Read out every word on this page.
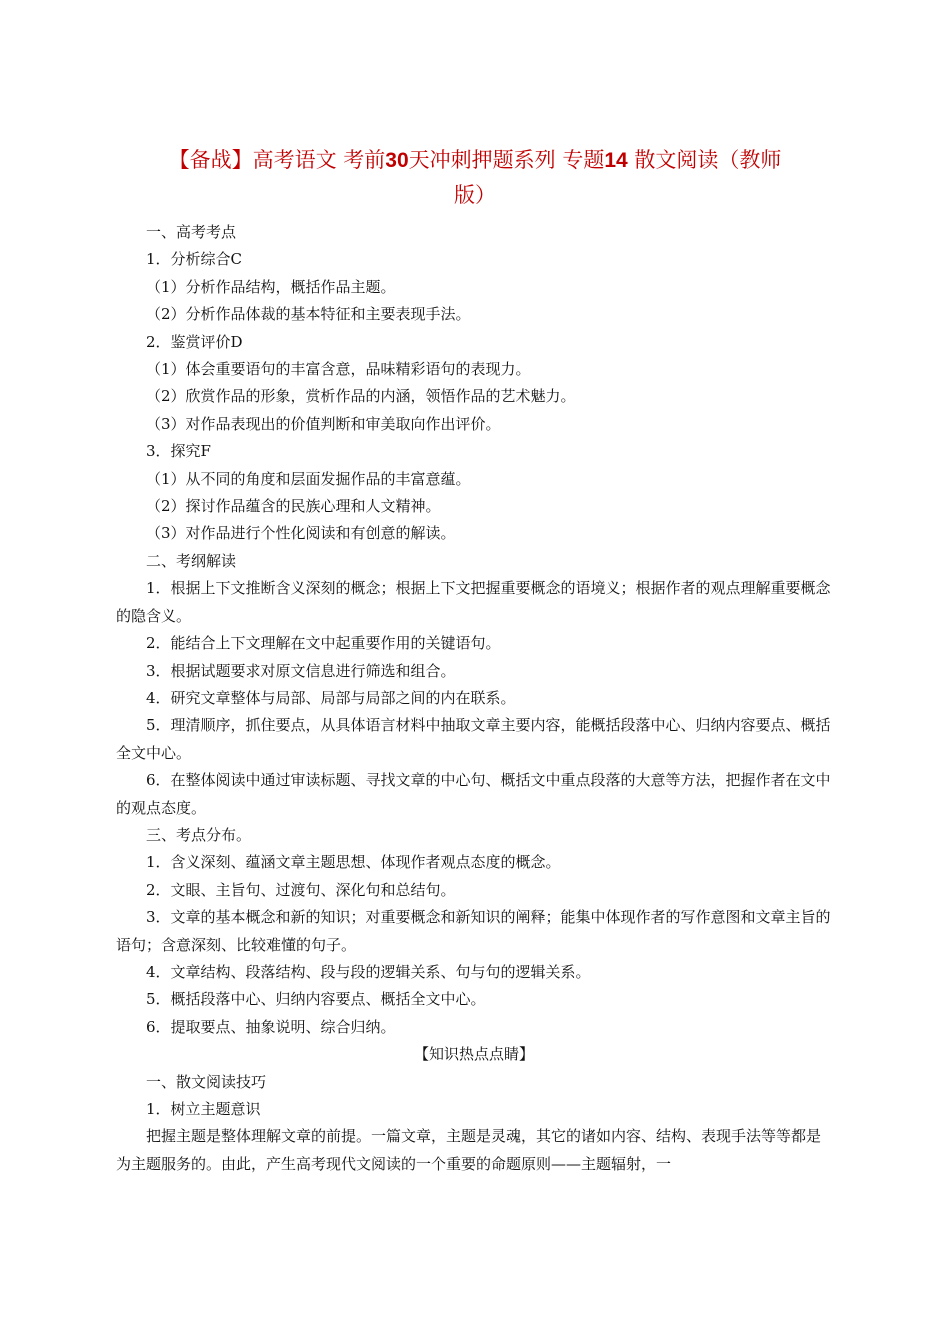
【备战】高考语文 考前30天冲刺押题系列 专题14 散文阅读（教师
版）

一、高考考点

1．分析综合C

（1）分析作品结构，概括作品主题。

（2）分析作品体裁的基本特征和主要表现手法。

2．鉴赏评价D

（1）体会重要语句的丰富含意，品味精彩语句的表现力。

（2）欣赏作品的形象，赏析作品的内涵，领悟作品的艺术魅力。

（3）对作品表现出的价值判断和审美取向作出评价。

3．探究F

（1）从不同的角度和层面发掘作品的丰富意蕴。

（2）探讨作品蕴含的民族心理和人文精神。

（3）对作品进行个性化阅读和有创意的解读。

二、考纲解读

1．根据上下文推断含义深刻的概念；根据上下文把握重要概念的语境义；根据作者的观点理解重要概念的隐含义。

2．能结合上下文理解在文中起重要作用的关键语句。

3．根据试题要求对原文信息进行筛选和组合。

4．研究文章整体与局部、局部与局部之间的内在联系。

5．理清顺序，抓住要点，从具体语言材料中抽取文章主要内容，能概括段落中心、归纳内容要点、概括全文中心。

6．在整体阅读中通过审读标题、寻找文章的中心句、概括文中重点段落的大意等方法，把握作者在文中的观点态度。

三、考点分布。

1．含义深刻、蕴涵文章主题思想、体现作者观点态度的概念。

2．文眼、主旨句、过渡句、深化句和总结句。

3．文章的基本概念和新的知识；对重要概念和新知识的阐释；能集中体现作者的写作意图和文章主旨的语句；含意深刻、比较难懂的句子。

4．文章结构、段落结构、段与段的逻辑关系、句与句的逻辑关系。

5．概括段落中心、归纳内容要点、概括全文中心。

6．提取要点、抽象说明、综合归纳。

【知识热点点睛】

一、散文阅读技巧

1．树立主题意识

把握主题是整体理解文章的前提。一篇文章，主题是灵魂，其它的诸如内容、结构、表现手法等等都是为主题服务的。由此，产生高考现代文阅读的一个重要的命题原则——主题辐射，一
